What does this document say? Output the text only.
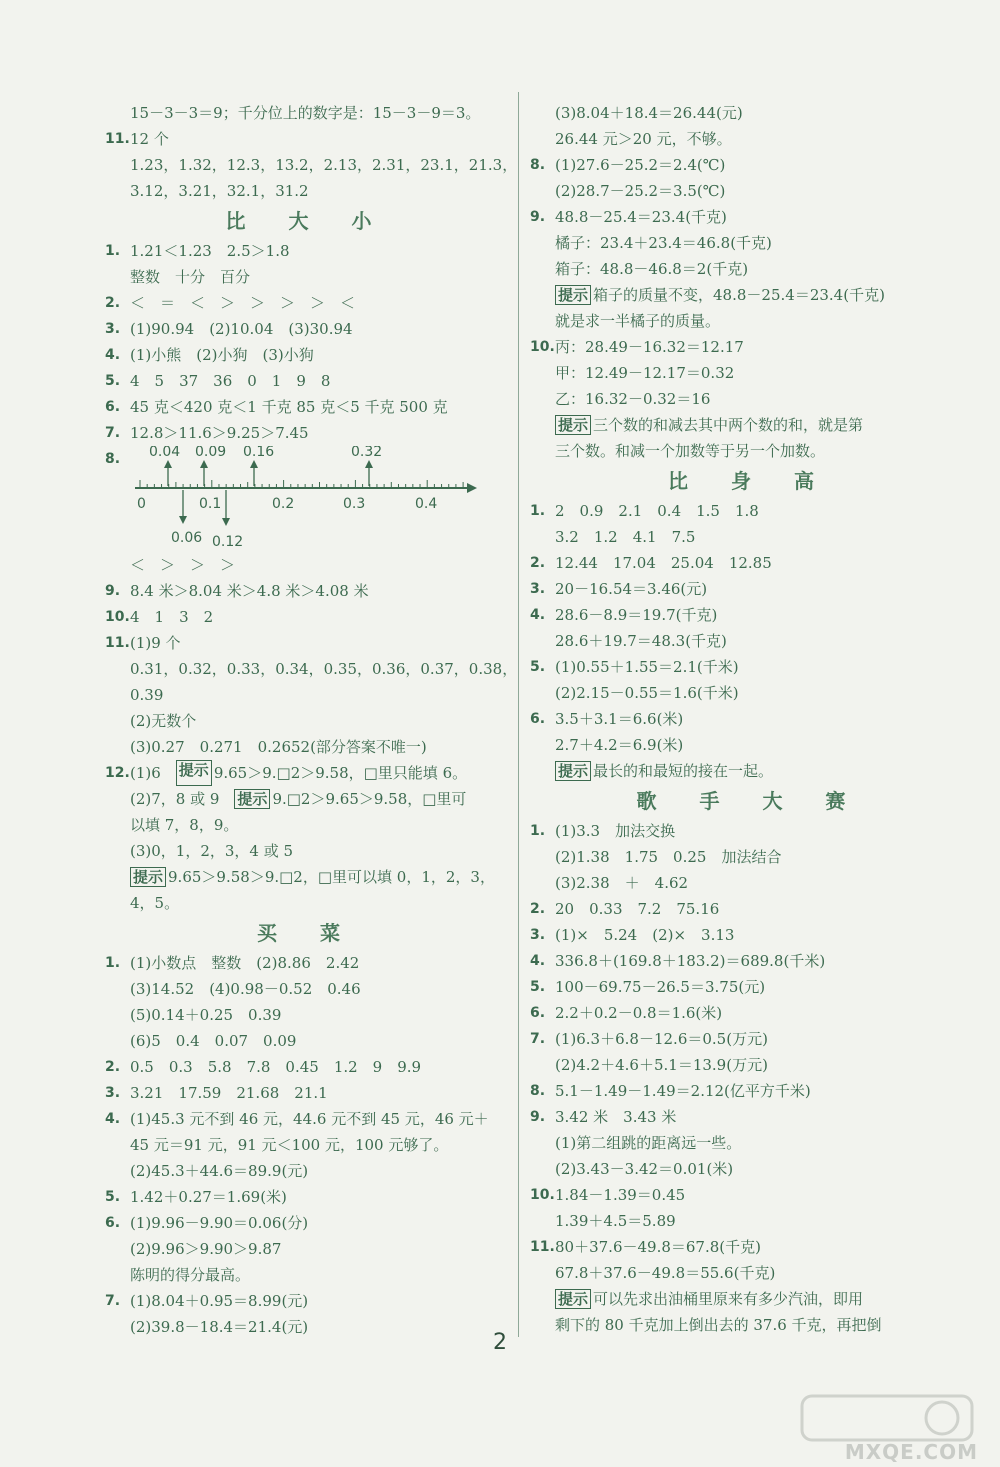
15－3－3＝9；千分位上的数字是：15－3－9＝3。
11. 12 个
1.23，1.32，12.3，13.2，2.13，2.31，23.1，21.3，
3.12，3.21，32.1，31.2
比 大 小
1. 1.21＜1.23　2.5＞1.8
整数　十分　百分
2. ＜　＝　＜　＞　＞　＞　＞　＜
3. (1)90.94　(2)10.04　(3)30.94
4. (1)小熊　(2)小狗　(3)小狗
5. 4　5　37　36　0　1　9　8
6. 45 克＜420 克＜1 千克 85 克＜5 千克 500 克
7. 12.8＞11.6＞9.25＞7.45
8.
0	0.1	0.2	0.3	0.4
0.04 0.09 0.16	0.32
0.06 0.12
＜　＞　＞　＞
9. 8.4 米＞8.04 米＞4.8 米＞4.08 米
10. 4　1　3　2
11. (1)9 个
0.31，0.32，0.33，0.34，0.35，0.36，0.37，0.38，
0.39
(2)无数个
(3)0.27　0.271　0.2652(部分答案不唯一)
12. (1)6　 提示 9.65＞9.□2＞9.58，□里只能填 6。
(2)7，8 或 9　提示 9.□2＞9.65＞9.58，□里可
以填 7，8，9。
(3)0，1，2，3，4 或 5
提示 9.65＞9.58＞9.□2，□里可以填 0，1，2，3，
4，5。
买 菜
1. (1)小数点　整数　(2)8.86　2.42
(3)14.52　(4)0.98－0.52　0.46
(5)0.14＋0.25　0.39
(6)5　0.4　0.07　0.09
2. 0.5　0.3　5.8　7.8　0.45　1.2　9　9.9
3. 3.21　17.59　21.68　21.1
4. (1)45.3 元不到 46 元，44.6 元不到 45 元，46 元＋
45 元＝91 元，91 元＜100 元，100 元够了。
(2)45.3＋44.6＝89.9(元)
5. 1.42＋0.27＝1.69(米)
6. (1)9.96－9.90＝0.06(分)
(2)9.96＞9.90＞9.87
陈明的得分最高。
7. (1)8.04＋0.95＝8.99(元)
(2)39.8－18.4＝21.4(元)
(3)8.04＋18.4＝26.44(元)
26.44 元＞20 元，不够。
8. (1)27.6－25.2＝2.4(℃)
(2)28.7－25.2＝3.5(℃)
9. 48.8－25.4＝23.4(千克)
橘子：23.4＋23.4＝46.8(千克)
箱子：48.8－46.8＝2(千克)
提示 箱子的质量不变，48.8－25.4＝23.4(千克)
就是求一半橘子的质量。
10. 丙：28.49－16.32＝12.17
甲：12.49－12.17＝0.32
乙：16.32－0.32＝16
提示 三个数的和减去其中两个数的和，就是第
三个数。和减一个加数等于另一个加数。
比 身 高
1. 2　0.9　2.1　0.4　1.5　1.8
3.2　1.2　4.1　7.5
2. 12.44　17.04　25.04　12.85
3. 20－16.54＝3.46(元)
4. 28.6－8.9＝19.7(千克)
28.6＋19.7＝48.3(千克)
5. (1)0.55＋1.55＝2.1(千米)
(2)2.15－0.55＝1.6(千米)
6. 3.5＋3.1＝6.6(米)
2.7＋4.2＝6.9(米)
提示 最长的和最短的接在一起。
歌 手 大 赛
1. (1)3.3　加法交换
(2)1.38　1.75　0.25　加法结合
(3)2.38　＋　4.62
2. 20　0.33　7.2　75.16
3. (1)×　5.24　(2)×　3.13
4. 336.8＋(169.8＋183.2)＝689.8(千米)
5. 100－69.75－26.5＝3.75(元)
6. 2.2＋0.2－0.8＝1.6(米)
7. (1)6.3＋6.8－12.6＝0.5(万元)
(2)4.2＋4.6＋5.1＝13.9(万元)
8. 5.1－1.49－1.49＝2.12(亿平方千米)
9. 3.42 米　3.43 米
(1)第二组跳的距离远一些。
(2)3.43－3.42＝0.01(米)
10. 1.84－1.39＝0.45
1.39＋4.5＝5.89
11. 80＋37.6－49.8＝67.8(千克)
67.8＋37.6－49.8＝55.6(千克)
提示 可以先求出油桶里原来有多少汽油，即用
剩下的 80 千克加上倒出去的 37.6 千克，再把倒
2
MXQE.COM
